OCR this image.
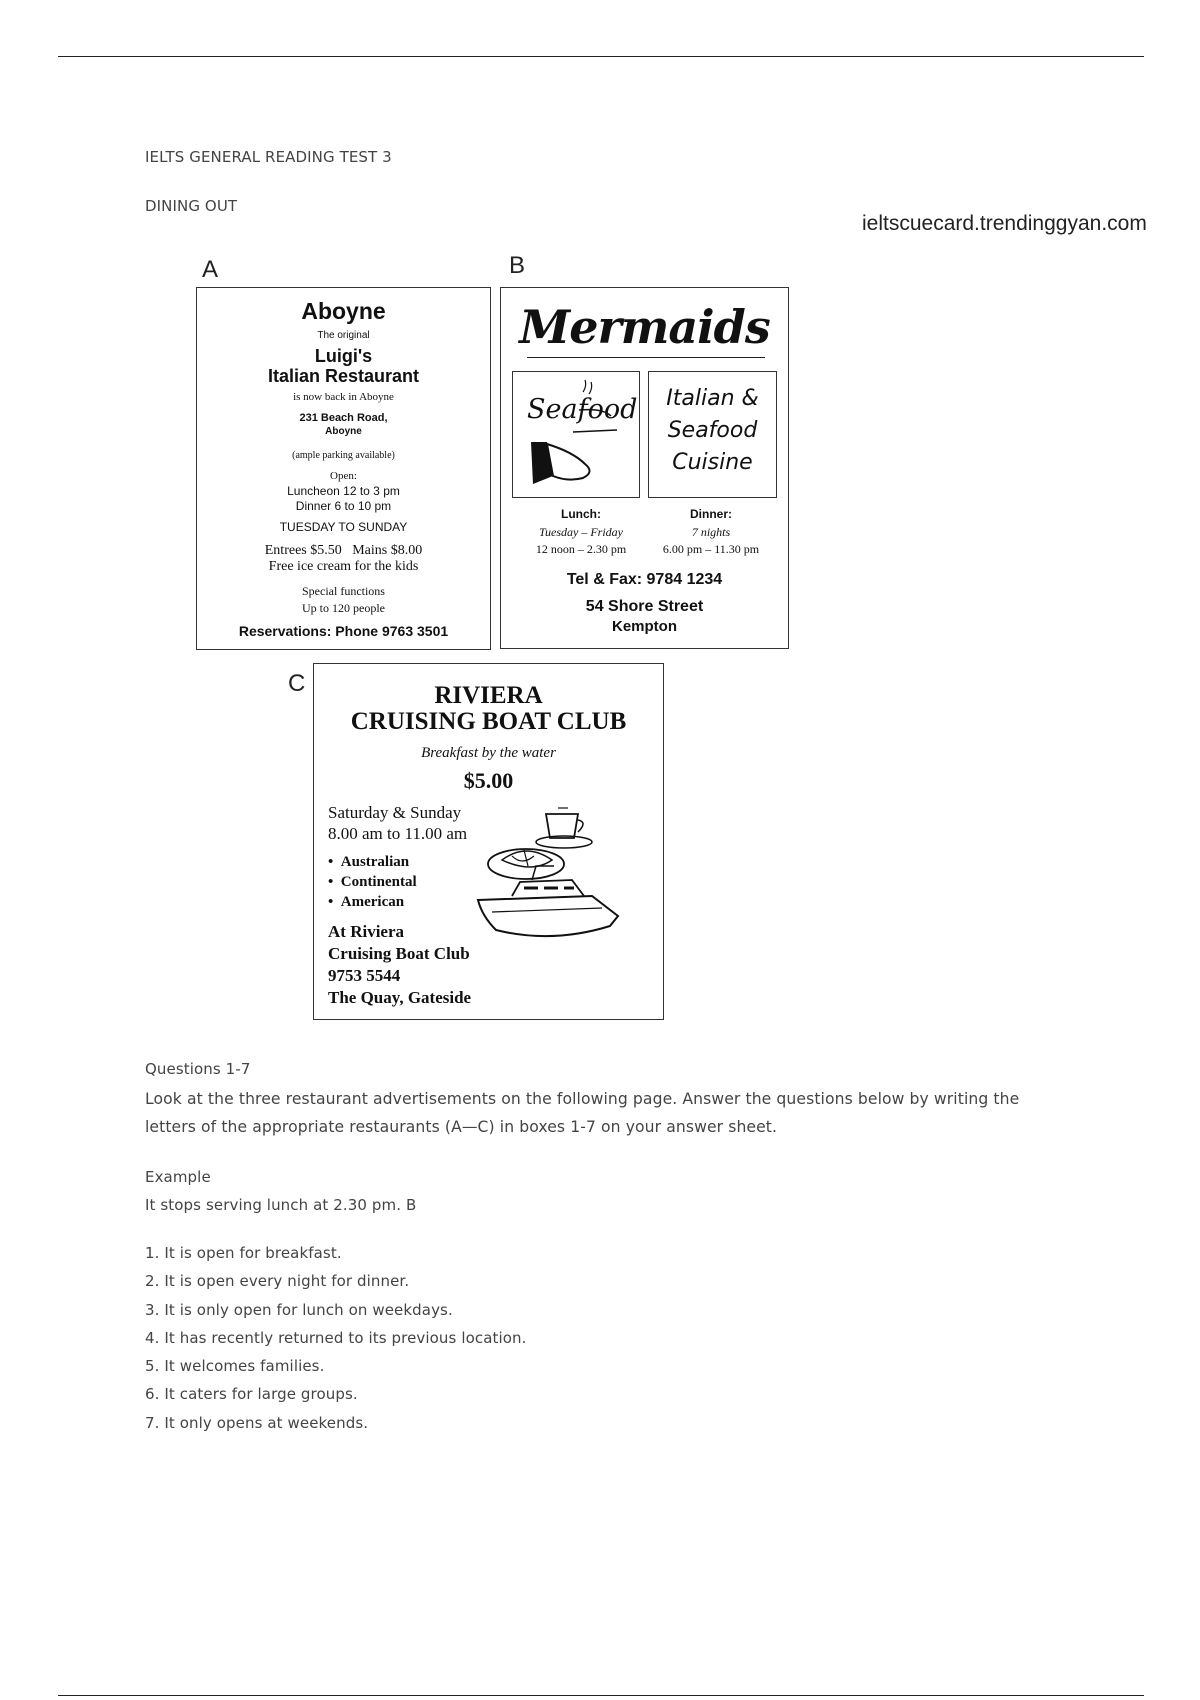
IELTS GENERAL READING TEST 3
DINING OUT
ieltscuecard.trendinggyan.com
A
Aboyne
The original
Luigi's
Italian Restaurant
is now back in Aboyne
231 Beach Road,
Aboyne
(ample parking available)
Open:
Luncheon 12 to 3 pm
Dinner 6 to 10 pm
TUESDAY TO SUNDAY
Entrees $5.50   Mains $8.00
Free ice cream for the kids
Special functions
Up to 120 people
Reservations: Phone 9763 3501
B
Mermaids
Seafood	Italian &
Seafood
Cuisine
Lunch:
Tuesday – Friday
12 noon – 2.30 pm
Dinner:
7 nights
6.00 pm – 11.30 pm
Tel & Fax: 9784 1234
54 Shore Street
Kempton
C	RIVIERA
CRUISING BOAT CLUB
Breakfast by the water
$5.00
Saturday & Sunday
8.00 am to 11.00 am
•  Australian
•  Continental
•  American
At Riviera
Cruising Boat Club
9753 5544
The Quay, Gateside
Questions 1-7
Look at the three restaurant advertisements on the following page. Answer the questions below by writing the
letters of the appropriate restaurants (A—C) in boxes 1-7 on your answer sheet.
Example
It stops serving lunch at 2.30 pm. B
1. It is open for breakfast.
2. It is open every night for dinner.
3. It is only open for lunch on weekdays.
4. It has recently returned to its previous location.
5. It welcomes families.
6. It caters for large groups.
7. It only opens at weekends.
